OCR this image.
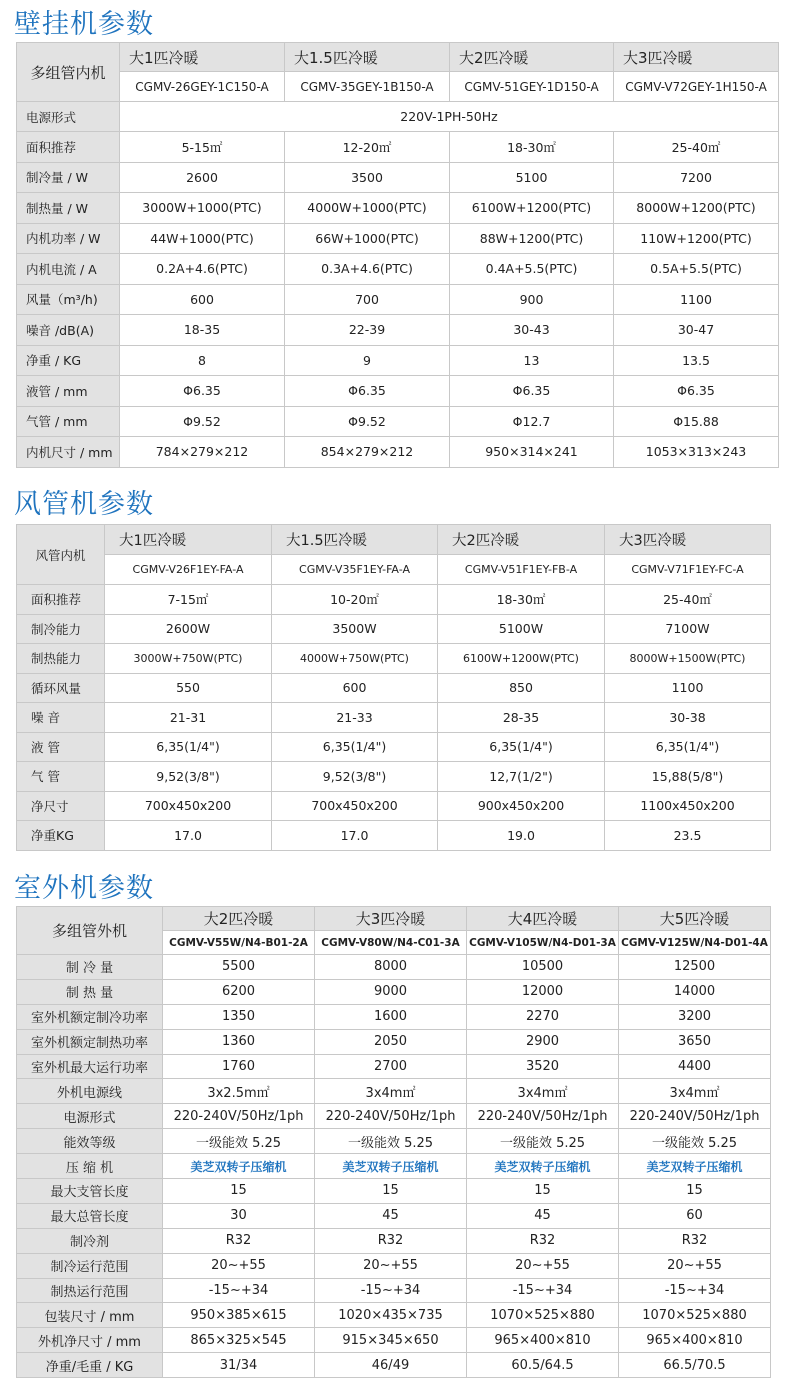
壁挂机参数
多组管内机	大1匹冷暖	大1.5匹冷暖	大2匹冷暖	大3匹冷暖
	CGMV-26GEY-1C150-A	CGMV-35GEY-1B150-A	CGMV-51GEY-1D150-A	CGMV-V72GEY-1H150-A
电源形式	220V-1PH-50Hz			
面积推荐	5-15㎡	12-20㎡	18-30㎡	25-40㎡
制冷量 / W	2600	3500	5100	7200
制热量 / W	3000W+1000(PTC)	4000W+1000(PTC)	6100W+1200(PTC)	8000W+1200(PTC)
内机功率 / W	44W+1000(PTC)	66W+1000(PTC)	88W+1200(PTC)	110W+1200(PTC)
内机电流 / A	0.2A+4.6(PTC)	0.3A+4.6(PTC)	0.4A+5.5(PTC)	0.5A+5.5(PTC)
风量（m³/h)	600	700	900	1100
噪音 /dB(A)	18-35	22-39	30-43	30-47
净重 / KG	8	9	13	13.5
液管 / mm	Φ6.35	Φ6.35	Φ6.35	Φ6.35
气管 / mm	Φ9.52	Φ9.52	Φ12.7	Φ15.88
内机尺寸 / mm	784×279×212	854×279×212	950×314×241	1053×313×243
风管机参数
风管内机	大1匹冷暖	大1.5匹冷暖	大2匹冷暖	大3匹冷暖
	CGMV-V26F1EY-FA-A	CGMV-V35F1EY-FA-A	CGMV-V51F1EY-FB-A	CGMV-V71F1EY-FC-A
面积推荐	7-15㎡	10-20㎡	18-30㎡	25-40㎡
制冷能力	2600W	3500W	5100W	7100W
制热能力	3000W+750W(PTC)	4000W+750W(PTC)	6100W+1200W(PTC)	8000W+1500W(PTC)
循环风量	550	600	850	1100
噪 音	21-31	21-33	28-35	30-38
液 管	6,35(1/4")	6,35(1/4")	6,35(1/4")	6,35(1/4")
气 管	9,52(3/8")	9,52(3/8")	12,7(1/2")	15,88(5/8")
净尺寸	700x450x200	700x450x200	900x450x200	1100x450x200
净重KG	17.0	17.0	19.0	23.5
室外机参数
多组管外机	大2匹冷暖	大3匹冷暖	大4匹冷暖	大5匹冷暖
	CGMV-V55W/N4-B01-2A	CGMV-V80W/N4-C01-3A	CGMV-V105W/N4-D01-3A	CGMV-V125W/N4-D01-4A
制 冷 量	5500	8000	10500	12500
制 热 量	6200	9000	12000	14000
室外机额定制冷功率	1350	1600	2270	3200
室外机额定制热功率	1360	2050	2900	3650
室外机最大运行功率	1760	2700	3520	4400
外机电源线	3x2.5m㎡	3x4m㎡	3x4m㎡	3x4m㎡
电源形式	220-240V/50Hz/1ph	220-240V/50Hz/1ph	220-240V/50Hz/1ph	220-240V/50Hz/1ph
能效等级	一级能效 5.25	一级能效 5.25	一级能效 5.25	一级能效 5.25
压 缩 机	美芝双转子压缩机	美芝双转子压缩机	美芝双转子压缩机	美芝双转子压缩机
最大支管长度	15	15	15	15
最大总管长度	30	45	45	60
制冷剂	R32	R32	R32	R32
制冷运行范围	20~+55	20~+55	20~+55	20~+55
制热运行范围	-15~+34	-15~+34	-15~+34	-15~+34
包装尺寸 / mm	950×385×615	1020×435×735	1070×525×880	1070×525×880
外机净尺寸 / mm	865×325×545	915×345×650	965×400×810	965×400×810
净重/毛重 / KG	31/34	46/49	60.5/64.5	66.5/70.5
